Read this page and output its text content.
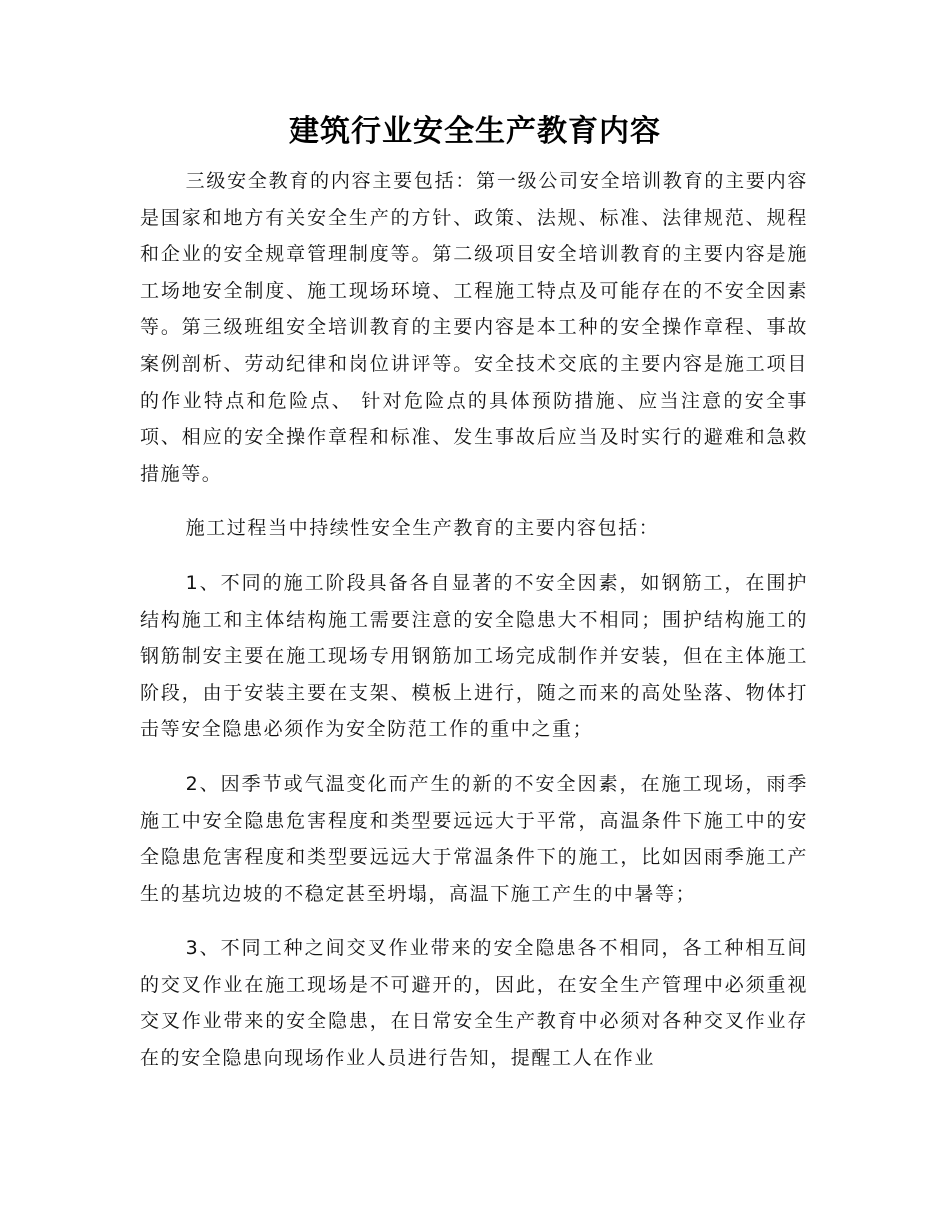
建筑行业安全生产教育内容

三级安全教育的内容主要包括：第一级公司安全培训教育的主要内容是国家和地方有关安全生产的方针、政策、法规、标准、法律规范、规程和企业的安全规章管理制度等。第二级项目安全培训教育的主要内容是施工场地安全制度、施工现场环境、工程施工特点及可能存在的不安全因素等。第三级班组安全培训教育的主要内容是本工种的安全操作章程、事故案例剖析、劳动纪律和岗位讲评等。安全技术交底的主要内容是施工项目的作业特点和危险点、 针对危险点的具体预防措施、应当注意的安全事项、相应的安全操作章程和标准、发生事故后应当及时实行的避难和急救措施等。

施工过程当中持续性安全生产教育的主要内容包括：

1、不同的施工阶段具备各自显著的不安全因素，如钢筋工，在围护结构施工和主体结构施工需要注意的安全隐患大不相同；围护结构施工的钢筋制安主要在施工现场专用钢筋加工场完成制作并安装，但在主体施工阶段，由于安装主要在支架、模板上进行，随之而来的高处坠落、物体打击等安全隐患必须作为安全防范工作的重中之重；

2、因季节或气温变化而产生的新的不安全因素，在施工现场，雨季施工中安全隐患危害程度和类型要远远大于平常，高温条件下施工中的安全隐患危害程度和类型要远远大于常温条件下的施工，比如因雨季施工产生的基坑边坡的不稳定甚至坍塌，高温下施工产生的中暑等；

3、不同工种之间交叉作业带来的安全隐患各不相同，各工种相互间的交叉作业在施工现场是不可避开的，因此，在安全生产管理中必须重视交叉作业带来的安全隐患，在日常安全生产教育中必须对各种交叉作业存在的安全隐患向现场作业人员进行告知，提醒工人在作业
